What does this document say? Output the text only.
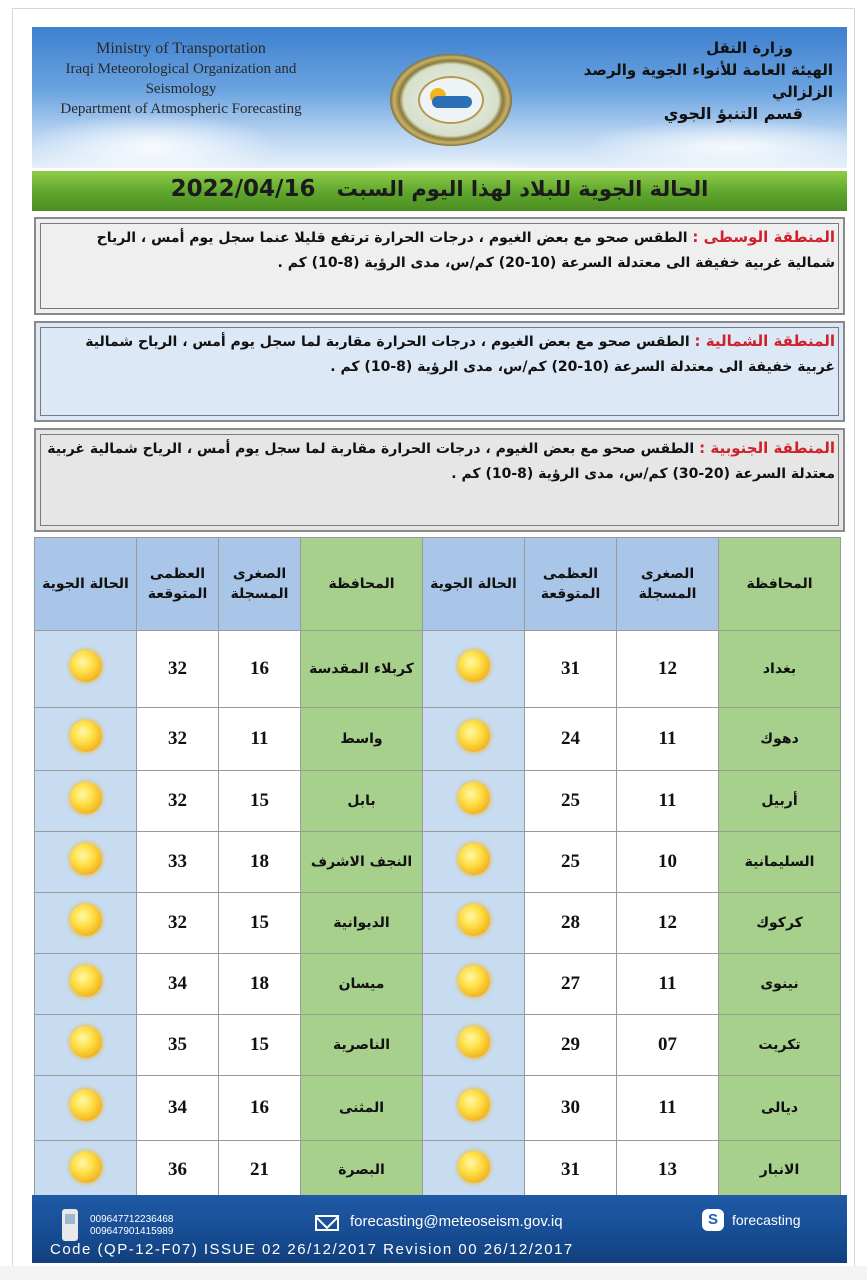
Ministry of Transportation
Iraqi Meteorological Organization and Seismology
Department of Atmospheric Forecasting
وزارة النقل
الهيئة العامة للأنواء الجوية والرصد الزلزالي
قسم التنبؤ الجوي
الحالة الجوية للبلاد لهذا اليوم السبت 2022/04/16
المنطقة الوسطى : الطقس صحو مع بعض الغيوم ، درجات الحرارة ترتفع قليلا عنما سجل يوم أمس ، الرياح شمالية غربية خفيفة الى معتدلة السرعة (10-20) كم/س، مدى الرؤية (8-10) كم .
المنطقة الشمالية : الطقس صحو مع بعض الغيوم ، درجات الحرارة مقاربة لما سجل يوم أمس ، الرياح شمالية غربية خفيفة الى معتدلة السرعة (10-20) كم/س، مدى الرؤية (8-10) كم .
المنطقة الجنوبية : الطقس صحو مع بعض الغيوم ، درجات الحرارة مقاربة لما سجل يوم أمس ، الرياح شمالية غربية معتدلة السرعة (20-30) كم/س، مدى الرؤية (8-10) كم .
الحالة الجوية	العظمى المتوقعة	الصغرى المسجلة	المحافظة	الحالة الجوية	العظمى المتوقعة	الصغرى المسجلة	المحافظة
	32	16	كربلاء المقدسة		31	12	بغداد
	32	11	واسط		24	11	دهوك
	32	15	بابل		25	11	أربيل
	33	18	النجف الاشرف		25	10	السليمانية
	32	15	الديوانية		28	12	كركوك
	34	18	ميسان		27	11	نينوى
	35	15	الناصرية		29	07	تكريت
	34	16	المثنى		30	11	ديالى
	36	21	البصرة		31	13	الانبار
009647712236468
009647901415989
forecasting@meteoseism.gov.iq	S	forecasting
Code (QP-12-F07) ISSUE 02 26/12/2017 Revision 00 26/12/2017
